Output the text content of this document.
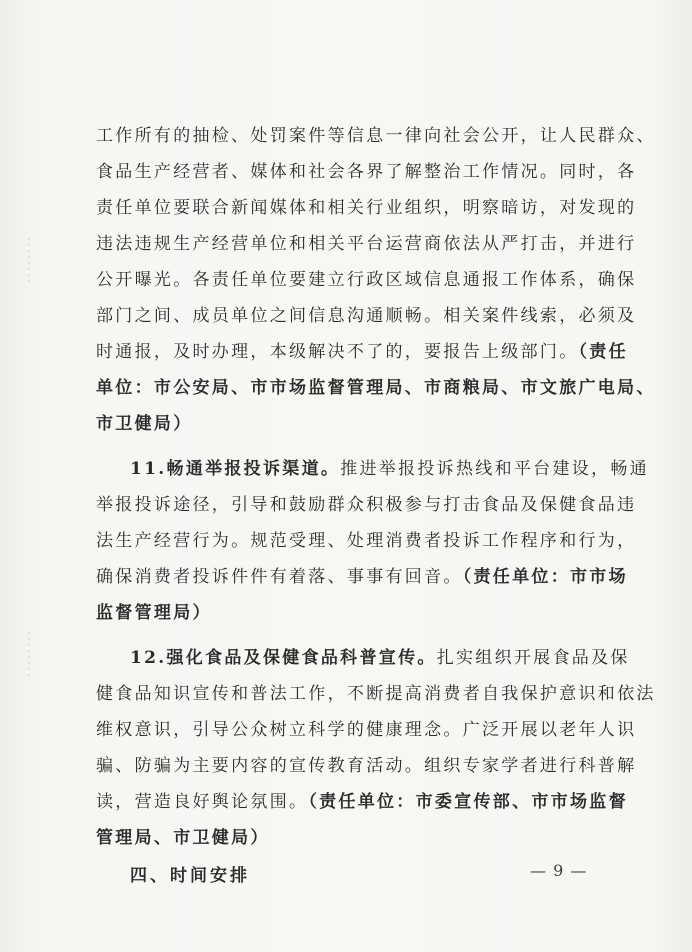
工作所有的抽检、处罚案件等信息一律向社会公开，让人民群众、
食品生产经营者、媒体和社会各界了解整治工作情况。同时，各
责任单位要联合新闻媒体和相关行业组织，明察暗访，对发现的
违法违规生产经营单位和相关平台运营商依法从严打击，并进行
公开曝光。各责任单位要建立行政区域信息通报工作体系，确保
部门之间、成员单位之间信息沟通顺畅。相关案件线索，必须及
时通报，及时办理，本级解决不了的，要报告上级部门。（责任
单位：市公安局、市市场监督管理局、市商粮局、市文旅广电局、
市卫健局）
11.畅通举报投诉渠道。推进举报投诉热线和平台建设，畅通
举报投诉途径，引导和鼓励群众积极参与打击食品及保健食品违
法生产经营行为。规范受理、处理消费者投诉工作程序和行为，
确保消费者投诉件件有着落、事事有回音。（责任单位：市市场
监督管理局）
12.强化食品及保健食品科普宣传。扎实组织开展食品及保
健食品知识宣传和普法工作，不断提高消费者自我保护意识和依法
维权意识，引导公众树立科学的健康理念。广泛开展以老年人识
骗、防骗为主要内容的宣传教育活动。组织专家学者进行科普解
读，营造良好舆论氛围。（责任单位：市委宣传部、市市场监督
管理局、市卫健局）
四、时间安排	— 9 —
